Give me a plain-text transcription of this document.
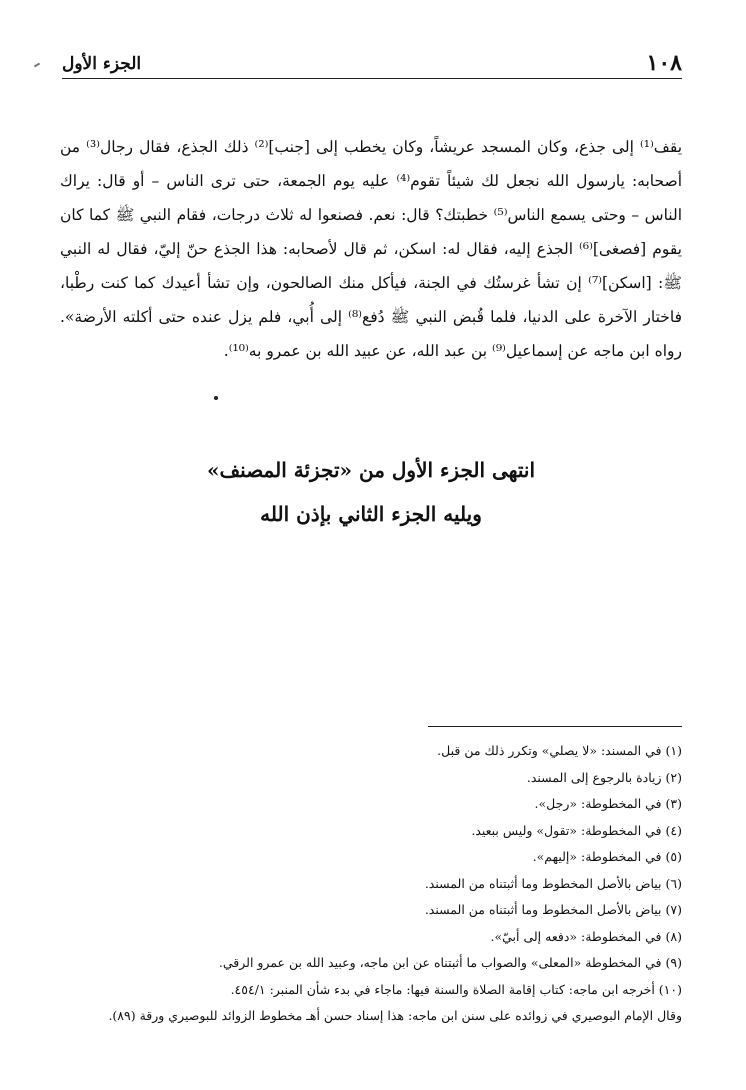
الجزء الأول	١٠٨

يقف⁽¹⁾ إلى جذع، وكان المسجد عريشاً، وكان يخطب إلى [جنب]⁽²⁾ ذلك الجذع، فقال رجال⁽³⁾ من أصحابه: يارسول الله نجعل لك شيئاً تقوم⁽⁴⁾ عليه يوم الجمعة، حتى ترى الناس – أو قال: يراك الناس – وحتى يسمع الناس⁽⁵⁾ خطبتك؟ قال: نعم. فصنعوا له ثلاث درجات، فقام النبي ﷺ كما كان يقوم [فصغى]⁽⁶⁾ الجذع إليه، فقال له: اسكن، ثم قال لأصحابه: هذا الجذع حنّ إليّ، فقال له النبي ﷺ: [اسكن]⁽⁷⁾ إن تشأ غرستُك في الجنة، فيأكل منك الصالحون، وإن تشأ أعيدك كما كنت رطْبا، فاختار الآخرة على الدنيا، فلما قُبض النبي ﷺ دُفع⁽⁸⁾ إلى أُبي، فلم يزل عنده حتى أكلته الأرضة». رواه ابن ماجه عن إسماعيل⁽⁹⁾ بن عبد الله، عن عبيد الله بن عمرو به⁽¹⁰⁾.

انتهى الجزء الأول من «تجزئة المصنف»
ويليه الجزء الثاني بإذن الله
(١) في المسند: «لا يصلي» وتكرر ذلك من قبل.
(٢) زيادة بالرجوع إلى المسند.
(٣) في المخطوطة: «رجل».
(٤) في المخطوطة: «تقول» وليس ببعيد.
(٥) في المخطوطة: «إليهم».
(٦) بياض بالأصل المخطوط وما أثبتناه من المسند.
(٧) بياض بالأصل المخطوط وما أثبتناه من المسند.
(٨) في المخطوطة: «دفعه إلى أبيّ».
(٩) في المخطوطة «المعلى» والصواب ما أثبتناه عن ابن ماجه، وعبيد الله بن عمرو الرقي.
(١٠) أخرجه ابن ماجه: كتاب إقامة الصلاة والسنة فيها: ماجاء في بدء شأن المنبر: ٤٥٤/١.
وقال الإمام البوصيري في زوائده على سنن ابن ماجه: هذا إسناد حسن أهـ مخطوط الزوائد للبوصيري ورقة (٨٩).
